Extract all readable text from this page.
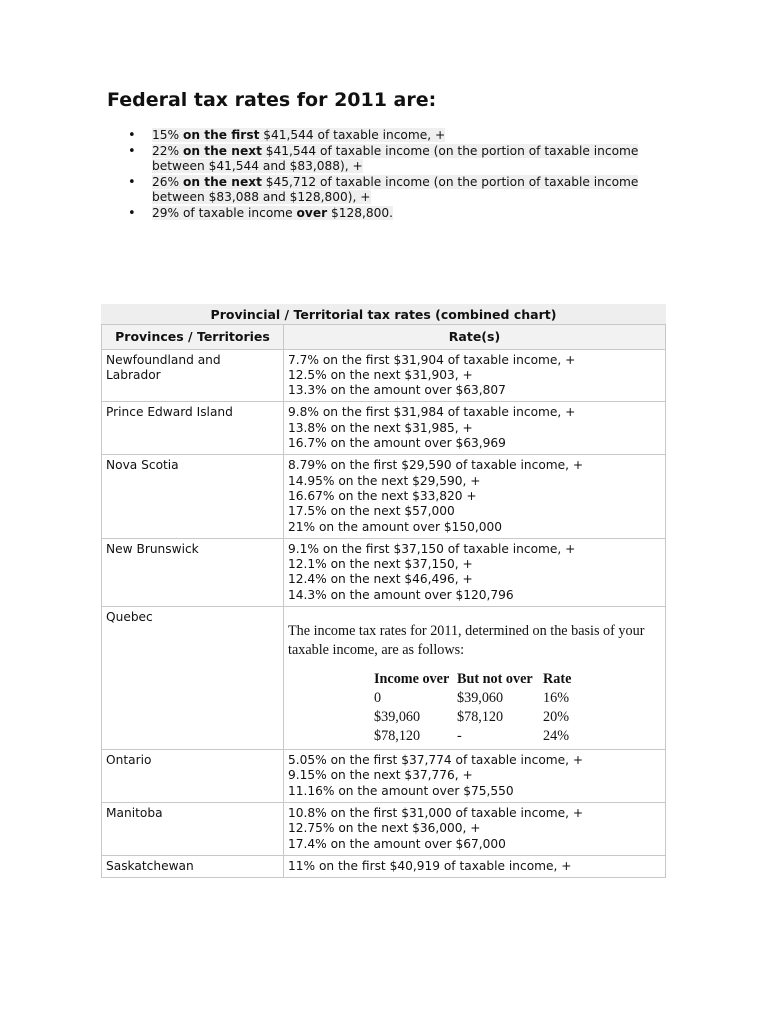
Federal tax rates for 2011 are:
• 15% on the first $41,544 of taxable income, +
• 22% on the next $41,544 of taxable income (on the portion of taxable income between $41,544 and $83,088), +
• 26% on the next $45,712 of taxable income (on the portion of taxable income between $83,088 and $128,800), +
• 29% of taxable income over $128,800.
Provincial / Territorial tax rates (combined chart)
Provinces / Territories	Rate(s)
Newfoundland and Labrador	
7.7% on the first $31,904 of taxable income, +
12.5% on the next $31,903, +
13.3% on the amount over $63,807

Prince Edward Island	9.8% on the first $31,984 of taxable income, +
13.8% on the next $31,985, +
16.7% on the amount over $63,969

Nova Scotia	8.79% on the first $29,590 of taxable income, +
14.95% on the next $29,590, +
16.67% on the next $33,820 +
17.5% on the next $57,000
21% on the amount over $150,000

New Brunswick	9.1% on the first $37,150 of taxable income, +
12.1% on the next $37,150, +
12.4% on the next $46,496, +
14.3% on the amount over $120,796

Quebec	
The income tax rates for 2011, determined on the basis of your taxable income, are as follows:
Income over	But not over	Rate
0	$39,060	16%
$39,060	$78,120	20%
$78,120	-	24%

Ontario	5.05% on the first $37,774 of taxable income, +
9.15% on the next $37,776, +
11.16% on the amount over $75,550

Manitoba	10.8% on the first $31,000 of taxable income, +
12.75% on the next $36,000, +
17.4% on the amount over $67,000

Saskatchewan	11% on the first $40,919 of taxable income, +
